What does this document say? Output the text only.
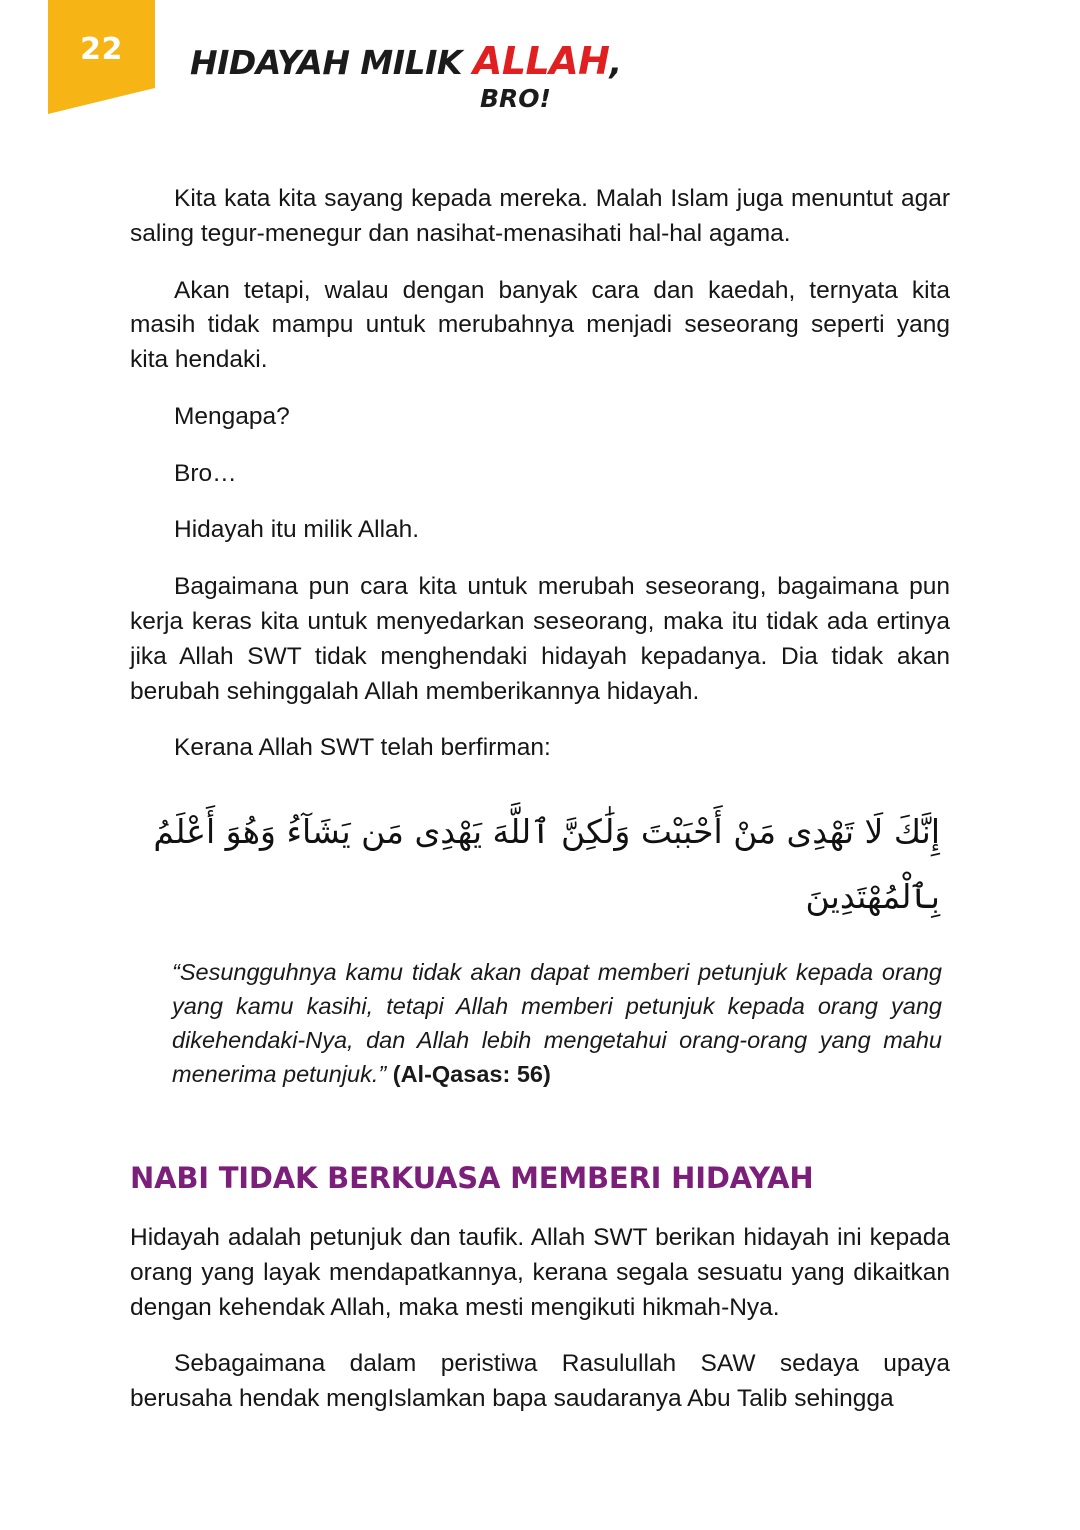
22 HIDAYAH MILIK ALLAH,
BRO!

Kita kata kita sayang kepada mereka. Malah Islam juga menuntut agar saling tegur-menegur dan nasihat-menasihati hal-hal agama.

Akan tetapi, walau dengan banyak cara dan kaedah, ternyata kita masih tidak mampu untuk merubahnya menjadi seseorang seperti yang kita hendaki.

Mengapa?

Bro…

Hidayah itu milik Allah.

Bagaimana pun cara kita untuk merubah seseorang, bagaimana pun kerja keras kita untuk menyedarkan seseorang, maka itu tidak ada ertinya jika Allah SWT tidak menghendaki hidayah kepadanya. Dia tidak akan berubah sehinggalah Allah memberikannya hidayah.

Kerana Allah SWT telah berfirman:

إِنَّكَ لَا تَهْدِى مَنْ أَحْبَبْتَ وَلَٰكِنَّ ٱللَّهَ يَهْدِى مَن يَشَآءُ وَهُوَ أَعْلَمُ بِٱلْمُهْتَدِينَ
“Sesungguhnya kamu tidak akan dapat memberi petunjuk kepada orang yang kamu kasihi, tetapi Allah memberi petunjuk kepada orang yang dikehendaki-Nya, dan Allah lebih mengetahui orang-orang yang mahu menerima petunjuk.” (Al-Qasas: 56)
NABI TIDAK BERKUASA MEMBERI HIDAYAH

Hidayah adalah petunjuk dan taufik. Allah SWT berikan hidayah ini kepada orang yang layak mendapatkannya, kerana segala sesuatu yang dikaitkan dengan kehendak Allah, maka mesti mengikuti hikmah-Nya.

Sebagaimana dalam peristiwa Rasulullah SAW sedaya upaya berusaha hendak mengIslamkan bapa saudaranya Abu Talib sehingga
